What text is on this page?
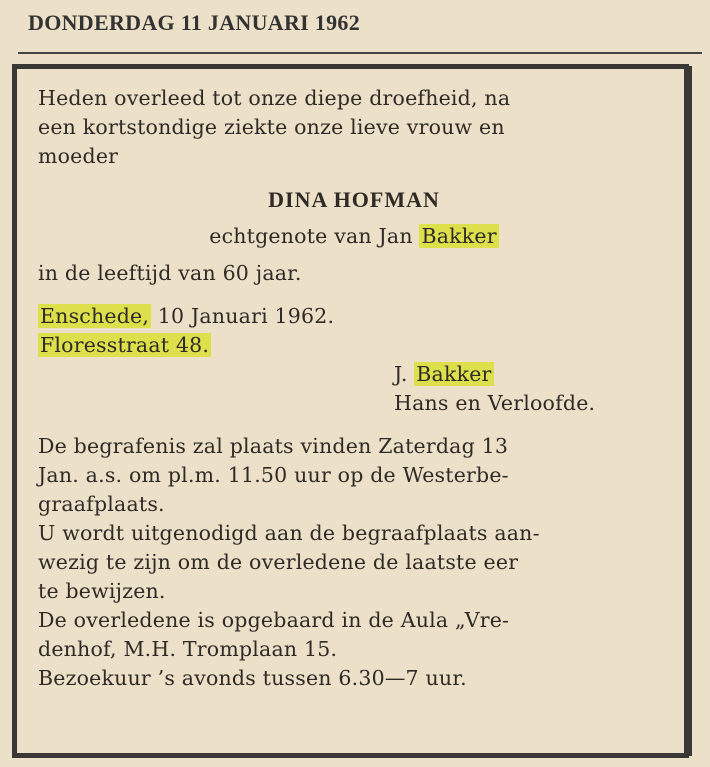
DONDERDAG 11 JANUARI 1962
Heden overleed tot onze diepe droefheid, na
een kortstondige ziekte onze lieve vrouw en
moeder
DINA HOFMAN
echtgenote van Jan Bakker
in de leeftijd van 60 jaar.
Enschede, 10 Januari 1962.
Floresstraat 48.
J. Bakker
Hans en Verloofde.
De begrafenis zal plaats vinden Zaterdag 13
Jan. a.s. om pl.m. 11.50 uur op de Westerbe-
graafplaats.
U wordt uitgenodigd aan de begraafplaats aan-
wezig te zijn om de overledene de laatste eer
te bewijzen.
De overledene is opgebaard in de Aula „Vre-
denhof, M.H. Tromplaan 15.
Bezoekuur ’s avonds tussen 6.30—7 uur.
